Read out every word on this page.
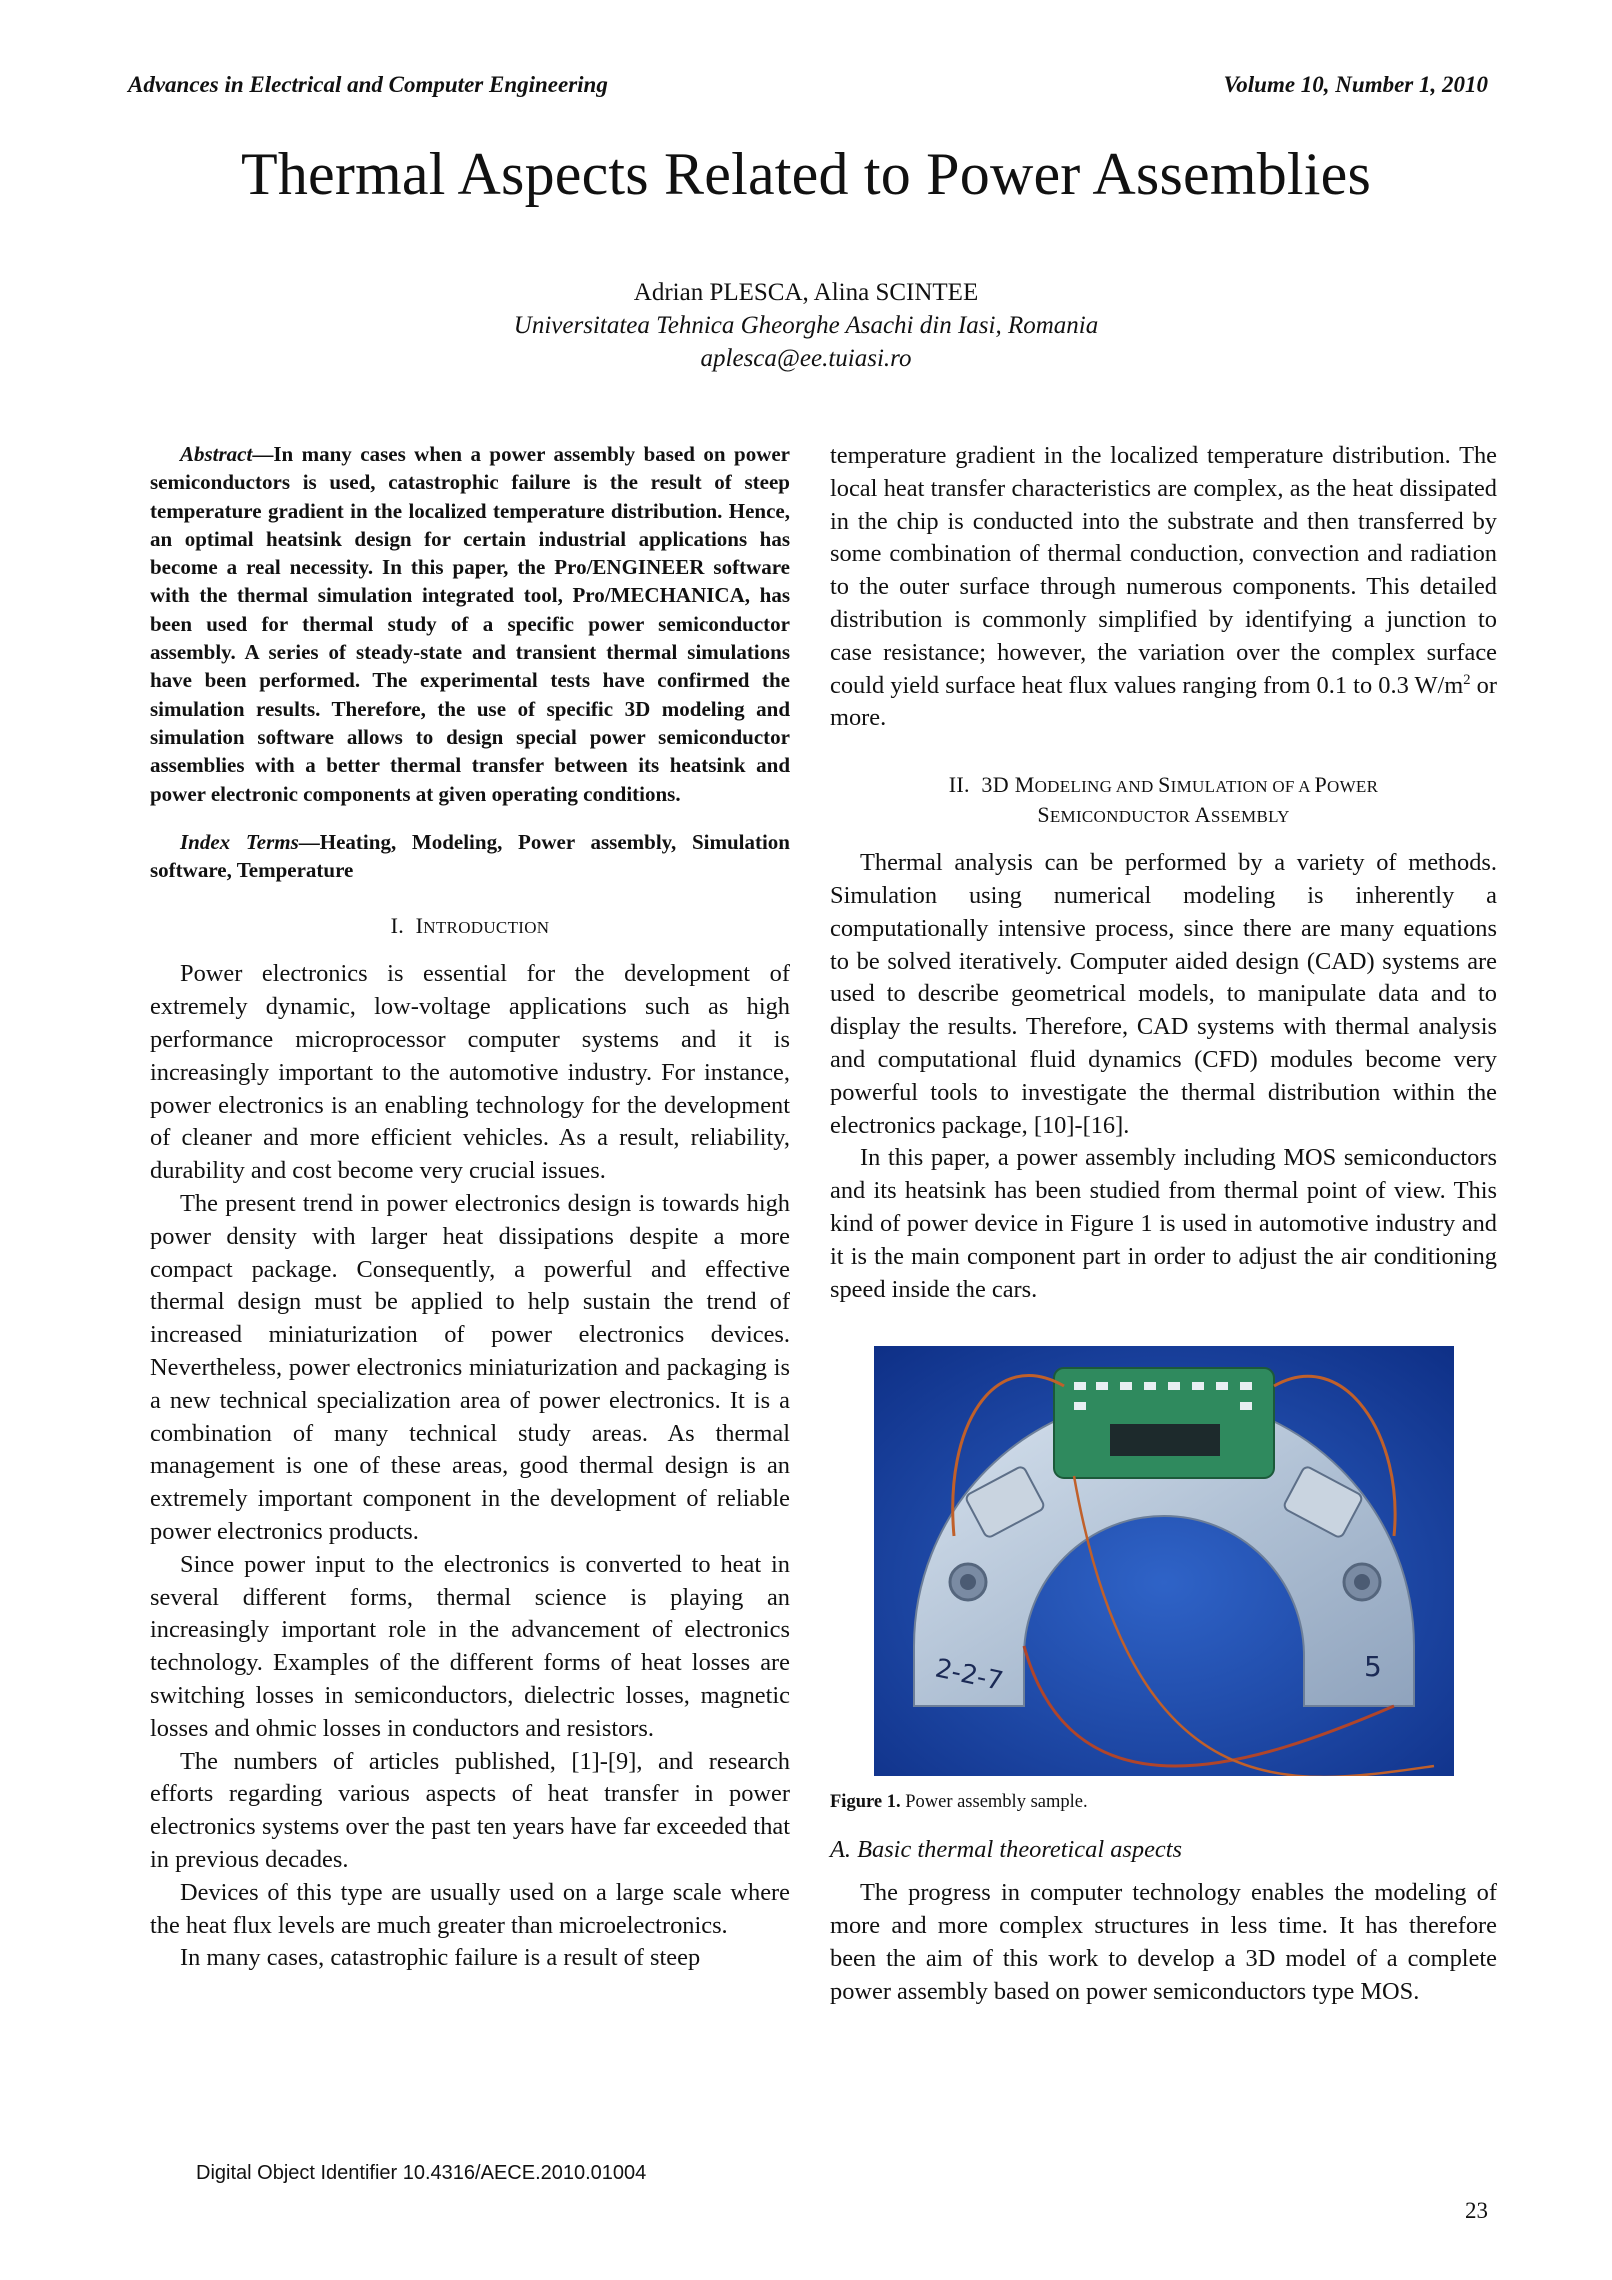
Advances in Electrical and Computer Engineering	Volume 10, Number 1, 2010
Thermal Aspects Related to Power Assemblies
Adrian PLESCA, Alina SCINTEE
Universitatea Tehnica Gheorghe Asachi din Iasi, Romania
aplesca@ee.tuiasi.ro

Abstract—In many cases when a power assembly based on power semiconductors is used, catastrophic failure is the result of steep temperature gradient in the localized temperature distribution. Hence, an optimal heatsink design for certain industrial applications has become a real necessity. In this paper, the Pro/ENGINEER software with the thermal simulation integrated tool, Pro/MECHANICA, has been used for thermal study of a specific power semiconductor assembly. A series of steady-state and transient thermal simulations have been performed. The experimental tests have confirmed the simulation results. Therefore, the use of specific 3D modeling and simulation software allows to design special power semiconductor assemblies with a better thermal transfer between its heatsink and power electronic components at given operating conditions.

Index Terms—Heating, Modeling, Power assembly, Simulation software, Temperature

I. INTRODUCTION

Power electronics is essential for the development of extremely dynamic, low-voltage applications such as high performance microprocessor computer systems and it is increasingly important to the automotive industry. For instance, power electronics is an enabling technology for the development of cleaner and more efficient vehicles. As a result, reliability, durability and cost become very crucial issues.

The present trend in power electronics design is towards high power density with larger heat dissipations despite a more compact package. Consequently, a powerful and effective thermal design must be applied to help sustain the trend of increased miniaturization of power electronics devices. Nevertheless, power electronics miniaturization and packaging is a new technical specialization area of power electronics. It is a combination of many technical study areas. As thermal management is one of these areas, good thermal design is an extremely important component in the development of reliable power electronics products.

Since power input to the electronics is converted to heat in several different forms, thermal science is playing an increasingly important role in the advancement of electronics technology. Examples of the different forms of heat losses are switching losses in semiconductors, dielectric losses, magnetic losses and ohmic losses in conductors and resistors.

The numbers of articles published, [1]-[9], and research efforts regarding various aspects of heat transfer in power electronics systems over the past ten years have far exceeded that in previous decades.

Devices of this type are usually used on a large scale where the heat flux levels are much greater than microelectronics.

In many cases, catastrophic failure is a result of steep

temperature gradient in the localized temperature distribution. The local heat transfer characteristics are complex, as the heat dissipated in the chip is conducted into the substrate and then transferred by some combination of thermal conduction, convection and radiation to the outer surface through numerous components. This detailed distribution is commonly simplified by identifying a junction to case resistance; however, the variation over the complex surface could yield surface heat flux values ranging from 0.1 to 0.3 $W/m^2$ or more.

II. 3D MODELING AND SIMULATION OF A POWER
SEMICONDUCTOR ASSEMBLY

Thermal analysis can be performed by a variety of methods. Simulation using numerical modeling is inherently a computationally intensive process, since there are many equations to be solved iteratively. Computer aided design (CAD) systems are used to describe geometrical models, to manipulate data and to display the results. Therefore, CAD systems with thermal analysis and computational fluid dynamics (CFD) modules become very powerful tools to investigate the thermal distribution within the electronics package, [10]-[16].

In this paper, a power assembly including MOS semiconductors and its heatsink has been studied from thermal point of view. This kind of power device in Figure 1 is used in automotive industry and it is the main component part in order to adjust the air conditioning speed inside the cars.

2-2-7	5
Figure 1. Power assembly sample.

A. Basic thermal theoretical aspects

The progress in computer technology enables the modeling of more and more complex structures in less time. It has therefore been the aim of this work to develop a 3D model of a complete power assembly based on power semiconductors type MOS.

Digital Object Identifier 10.4316/AECE.2010.01004
23
